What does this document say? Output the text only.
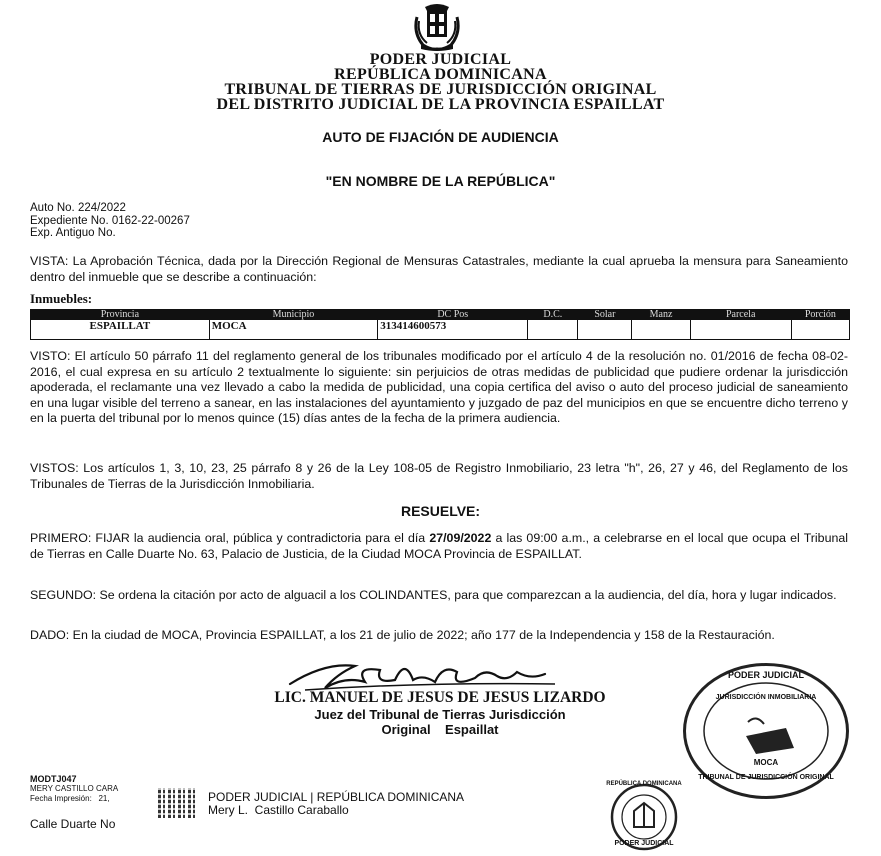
PODER JUDICIAL
REPÚBLICA DOMINICANA
TRIBUNAL DE TIERRAS DE JURISDICCIÓN ORIGINAL
DEL DISTRITO JUDICIAL DE LA PROVINCIA ESPAILLAT
AUTO DE FIJACIÓN DE AUDIENCIA
"EN NOMBRE DE LA REPÚBLICA"
Auto No. 224/2022
Expediente No. 0162-22-00267
Exp. Antiguo No.
VISTA: La Aprobación Técnica, dada por la Dirección Regional de Mensuras Catastrales, mediante la cual aprueba la mensura para Saneamiento dentro del inmueble que se describe a continuación:
Inmuebles:
Provincia	Municipio	DC Pos	D.C.	Solar	Manz	Parcela	Porción
ESPAILLAT	MOCA	313414600573					
VISTO: El artículo 50 párrafo 11 del reglamento general de los tribunales modificado por el artículo 4 de la resolución no. 01/2016 de fecha 08-02-2016, el cual expresa en su artículo 2 textualmente lo siguiente: sin perjuicios de otras medidas de publicidad que pudiere ordenar la jurisdicción apoderada, el reclamante una vez llevado a cabo la medida de publicidad, una copia certifica del aviso o auto del proceso judicial de saneamiento en una lugar visible del terreno a sanear, en las instalaciones del ayuntamiento y juzgado de paz del municipios en que se encuentre dicho terreno y en la puerta del tribunal por lo menos quince (15) días antes de la fecha de la primera audiencia.
VISTOS: Los artículos 1, 3, 10, 23, 25 párrafo 8 y 26 de la Ley 108-05 de Registro Inmobiliario, 23 letra "h", 26, 27 y 46, del Reglamento de los Tribunales de Tierras de la Jurisdicción Inmobiliaria.
RESUELVE:
PRIMERO: FIJAR la audiencia oral, pública y contradictoria para el día 27/09/2022 a las 09:00 a.m., a celebrarse en el local que ocupa el Tribunal de Tierras en Calle Duarte No. 63, Palacio de Justicia, de la Ciudad MOCA Provincia de ESPAILLAT.
SEGUNDO: Se ordena la citación por acto de alguacil a los COLINDANTES, para que comparezcan a la audiencia, del día, hora y lugar indicados.
DADO: En la ciudad de MOCA, Provincia ESPAILLAT, a los 21 de julio de 2022; año 177 de la Independencia y 158 de la Restauración.
LIC. MANUEL DE JESUS DE JESUS LIZARDO
Juez del Tribunal de Tierras Jurisdicción
Original    Espaillat
PODER JUDICIAL
JURISDICCIÓN INMOBILIARIA
MOCA
TRIBUNAL DE JURISDICCIÓN ORIGINAL
MODTJ047
MERY CASTILLO CARA
Fecha Impresión:   21,
Calle Duarte No
PODER JUDICIAL | REPÚBLICA DOMINICANA
Mery L.  Castillo Caraballo
REPÚBLICA DOMINICANA
PODER JUDICIAL
